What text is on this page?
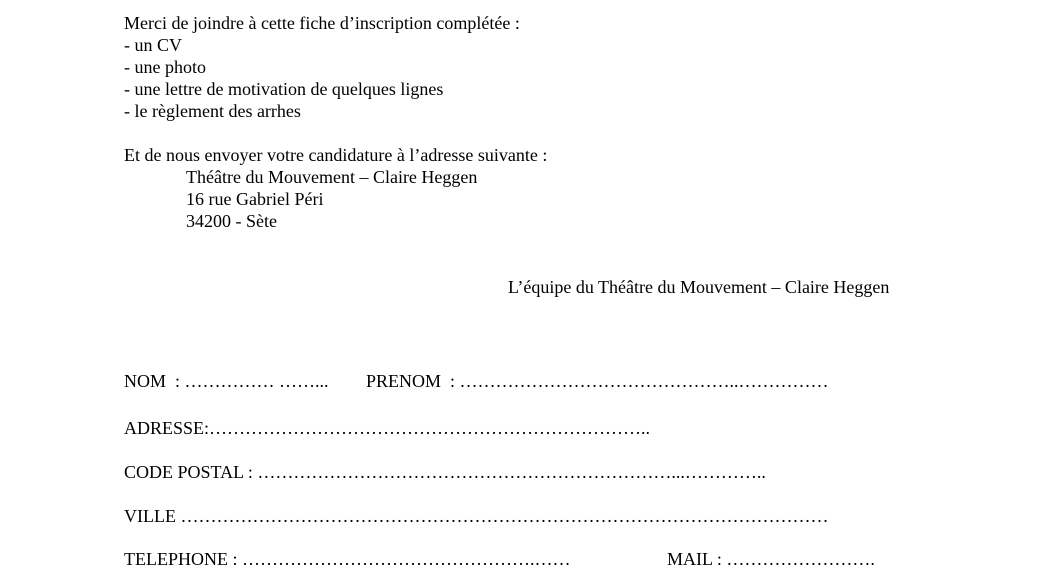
Merci de joindre à cette fiche d’inscription complétée :
- un CV
- une photo
- une lettre de motivation de quelques lignes
- le règlement des arrhes
Et de nous envoyer votre candidature à l’adresse suivante :
Théâtre du Mouvement – Claire Heggen
16 rue Gabriel Péri
34200 - Sète
L’équipe du Théâtre du Mouvement – Claire Heggen
NOM  : …………… ……... PRENOM  : ………………………………………..……………
ADRESSE:………………………………………………………………..
CODE POSTAL : ……………………………………………………………...…………..
VILLE ………………………………………………………………………………………………
TELEPHONE : ………………………………………….……	MAIL : …………………….
